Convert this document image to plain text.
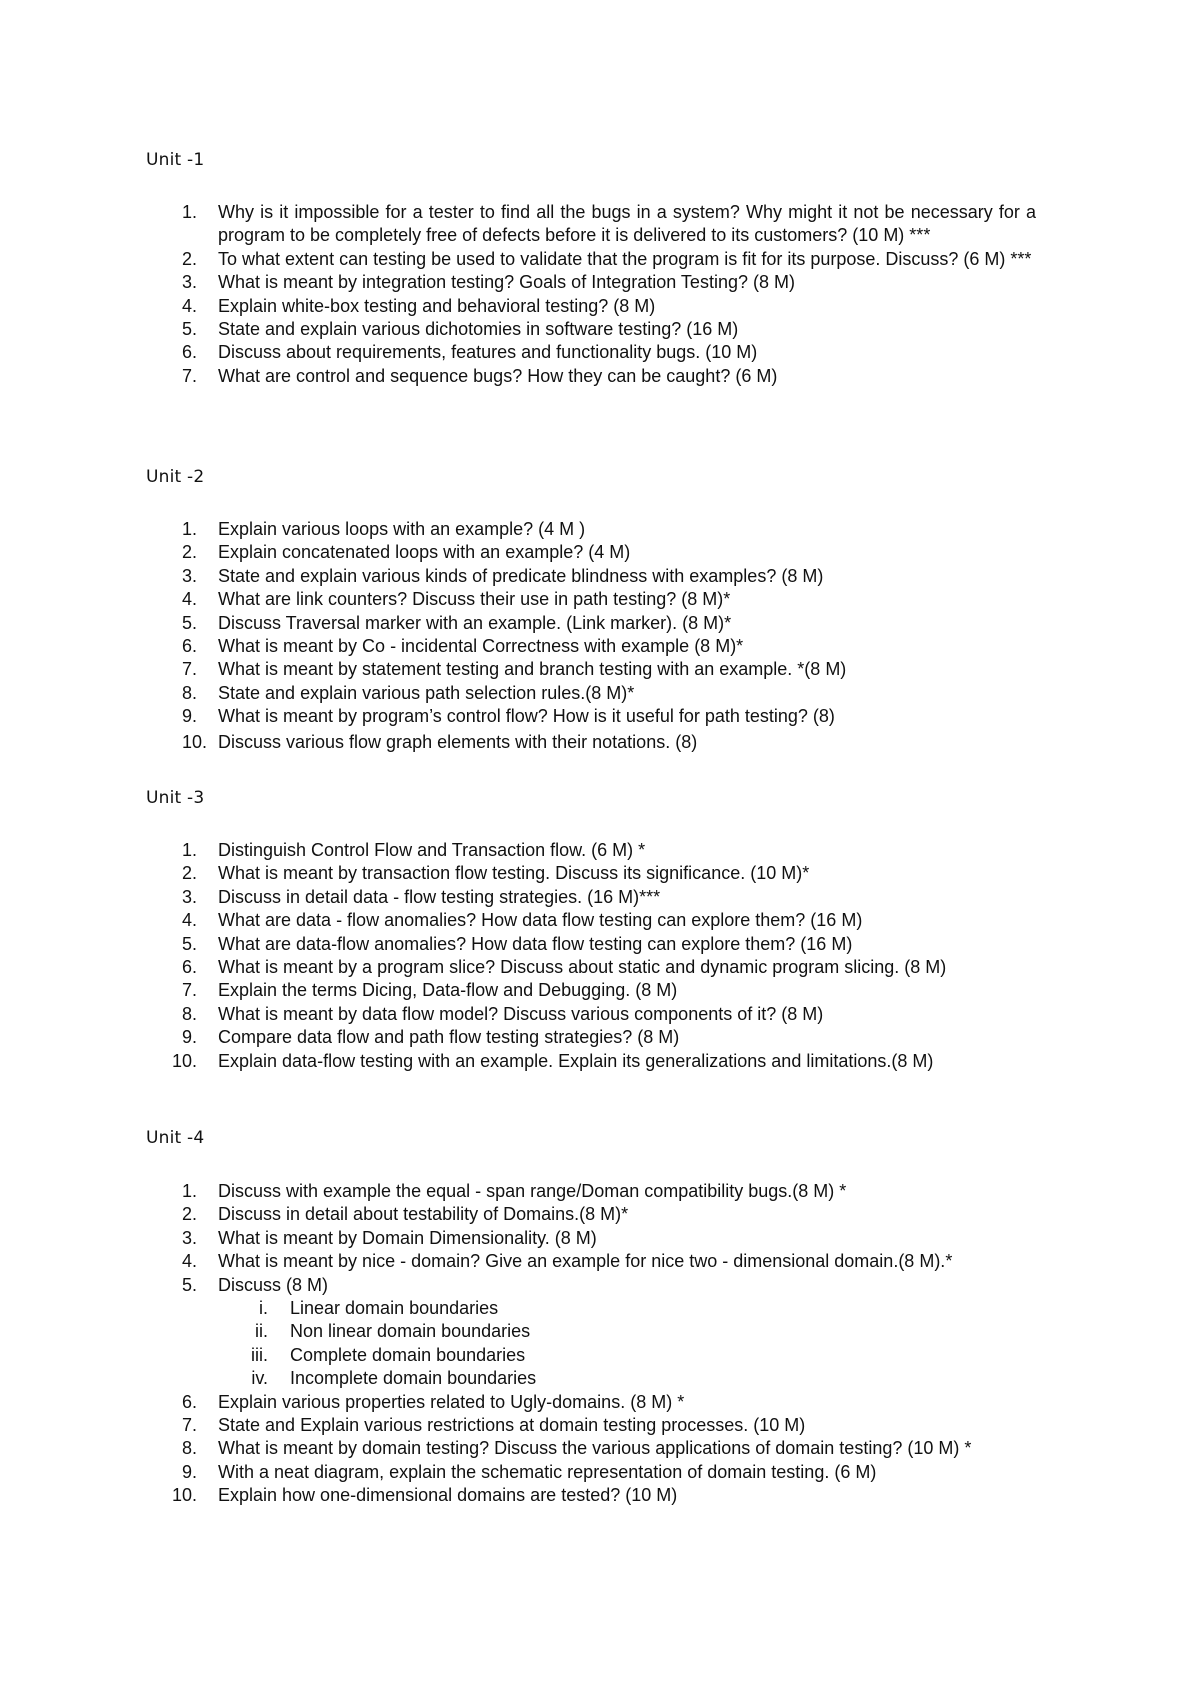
Unit -1
1. Why is it impossible for a tester to find all the bugs in a system? Why might it not be necessary for a program to be completely free of defects before it is delivered to its customers? (10 M) ***
2. To what extent can testing be used to validate that the program is fit for its purpose. Discuss? (6 M) ***
3. What is meant by integration testing? Goals of Integration Testing? (8 M)
4. Explain white-box testing and behavioral testing? (8 M)
5. State and explain various dichotomies in software testing? (16 M)
6. Discuss about requirements, features and functionality bugs. (10 M)
7. What are control and sequence bugs? How they can be caught? (6 M)
Unit -2
1. Explain various loops with an example? (4 M )
2. Explain concatenated loops with an example? (4 M)
3. State and explain various kinds of predicate blindness with examples? (8 M)
4. What are link counters? Discuss their use in path testing? (8 M)*
5. Discuss Traversal marker with an example. (Link marker). (8 M)*
6. What is meant by Co - incidental Correctness with example (8 M)*
7. What is meant by statement testing and branch testing with an example. *(8 M)
8. State and explain various path selection rules.(8 M)*
9. What is meant by program’s control flow? How is it useful for path testing? (8)
10. Discuss various flow graph elements with their notations. (8)
Unit -3
1. Distinguish Control Flow and Transaction flow. (6 M) *
2. What is meant by transaction flow testing. Discuss its significance. (10 M)*
3. Discuss in detail data - flow testing strategies. (16 M)***
4. What are data - flow anomalies? How data flow testing can explore them? (16 M)
5. What are data-flow anomalies? How data flow testing can explore them? (16 M)
6. What is meant by a program slice? Discuss about static and dynamic program slicing. (8 M)
7. Explain the terms Dicing, Data-flow and Debugging. (8 M)
8. What is meant by data flow model? Discuss various components of it? (8 M)
9. Compare data flow and path flow testing strategies? (8 M)
10. Explain data-flow testing with an example. Explain its generalizations and limitations.(8 M)
Unit -4
1. Discuss with example the equal - span range/Doman compatibility bugs.(8 M) *
2. Discuss in detail about testability of Domains.(8 M)*
3. What is meant by Domain Dimensionality. (8 M)
4. What is meant by nice - domain? Give an example for nice two - dimensional domain.(8 M).*
5. Discuss (8 M)
i. Linear domain boundaries
ii. Non linear domain boundaries
iii. Complete domain boundaries
iv. Incomplete domain boundaries
6. Explain various properties related to Ugly-domains. (8 M) *
7. State and Explain various restrictions at domain testing processes. (10 M)
8. What is meant by domain testing? Discuss the various applications of domain testing? (10 M) *
9. With a neat diagram, explain the schematic representation of domain testing. (6 M)
10. Explain how one-dimensional domains are tested? (10 M)
